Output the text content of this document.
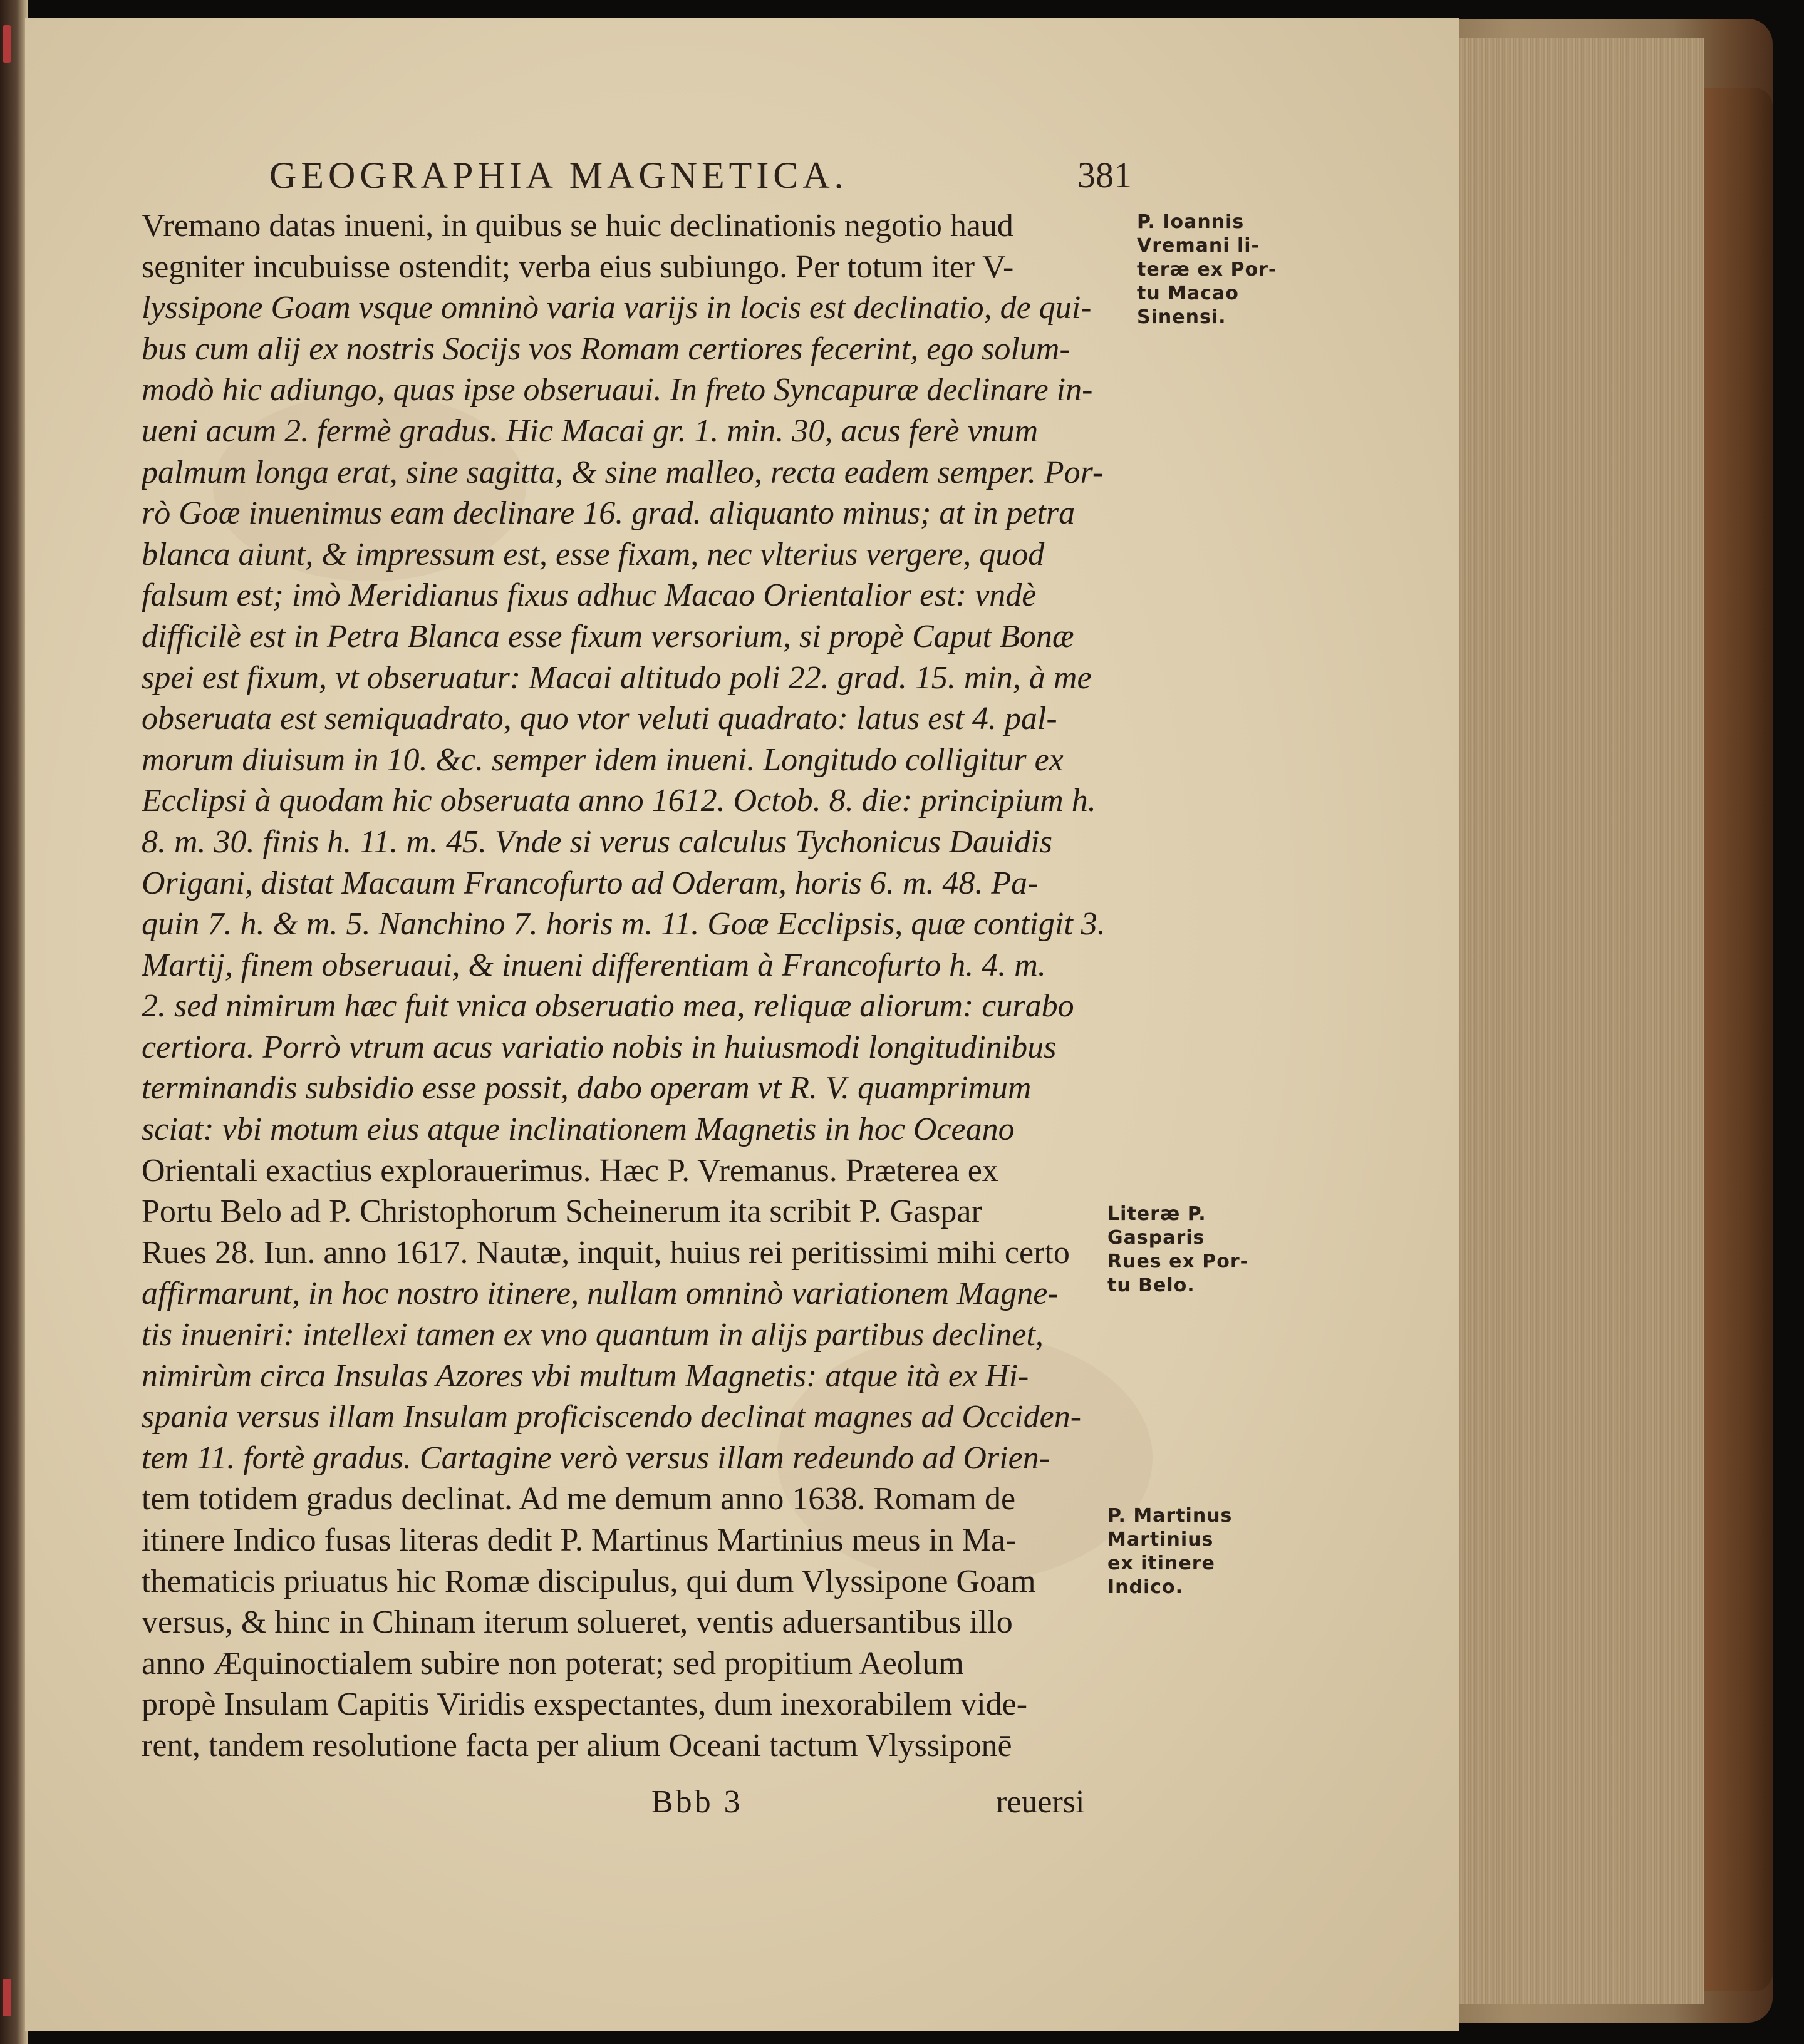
GEOGRAPHIA MAGNETICA.	381
Vremano datas inueni, in quibus se huic declinationis negotio haud
segniter incubuisse ostendit; verba eius subiungo. Per totum iter V-
lyssipone Goam vsque omninò varia varijs in locis est declinatio, de qui-
bus cum alij ex nostris Socijs vos Romam certiores fecerint, ego solum-
modò hic adiungo, quas ipse obseruaui. In freto Syncapuræ declinare in-
ueni acum 2. fermè gradus. Hic Macai gr. 1. min. 30, acus ferè vnum
palmum longa erat, sine sagitta, & sine malleo, recta eadem semper. Por-
rò Goæ inuenimus eam declinare 16. grad. aliquanto minus; at in petra
blanca aiunt, & impressum est, esse fixam, nec vlterius vergere, quod
falsum est; imò Meridianus fixus adhuc Macao Orientalior est: vndè
difficilè est in Petra Blanca esse fixum versorium, si propè Caput Bonæ
spei est fixum, vt obseruatur: Macai altitudo poli 22. grad. 15. min, à me
obseruata est semiquadrato, quo vtor veluti quadrato: latus est 4. pal-
morum diuisum in 10. &c. semper idem inueni. Longitudo colligitur ex
Ecclipsi à quodam hic obseruata anno 1612. Octob. 8. die: principium h.
8. m. 30. finis h. 11. m. 45. Vnde si verus calculus Tychonicus Dauidis
Origani, distat Macaum Francofurto ad Oderam, horis 6. m. 48. Pa-
quin 7. h. & m. 5. Nanchino 7. horis m. 11. Goæ Ecclipsis, quæ contigit 3.
Martij, finem obseruaui, & inueni differentiam à Francofurto h. 4. m.
2. sed nimirum hæc fuit vnica obseruatio mea, reliquæ aliorum: curabo
certiora. Porrò vtrum acus variatio nobis in huiusmodi longitudinibus
terminandis subsidio esse possit, dabo operam vt R. V. quamprimum
sciat: vbi motum eius atque inclinationem Magnetis in hoc Oceano
Orientali exactius explorauerimus. Hæc P. Vremanus. Præterea ex
Portu Belo ad P. Christophorum Scheinerum ita scribit P. Gaspar
Rues 28. Iun. anno 1617. Nautæ, inquit, huius rei peritissimi mihi certo
affirmarunt, in hoc nostro itinere, nullam omninò variationem Magne-
tis inueniri: intellexi tamen ex vno quantum in alijs partibus declinet,
nimirùm circa Insulas Azores vbi multum Magnetis: atque ità ex Hi-
spania versus illam Insulam proficiscendo declinat magnes ad Occiden-
tem 11. fortè gradus. Cartagine verò versus illam redeundo ad Orien-
tem totidem gradus declinat. Ad me demum anno 1638. Romam de
itinere Indico fusas literas dedit P. Martinus Martinius meus in Ma-
thematicis priuatus hic Romæ discipulus, qui dum Vlyssipone Goam
versus, & hinc in Chinam iterum solueret, ventis aduersantibus illo
anno Æquinoctialem subire non poterat; sed propitium Aeolum
propè Insulam Capitis Viridis exspectantes, dum inexorabilem vide-
rent, tandem resolutione facta per alium Oceani tactum Vlyssiponē
P. Ioannis
Vremani li-
teræ ex Por-
tu Macao
Sinensi.
Literæ P.
Gasparis
Rues ex Por-
tu Belo.
P. Martinus
Martinius
ex itinere
Indico.
Bbb 3	reuersi
